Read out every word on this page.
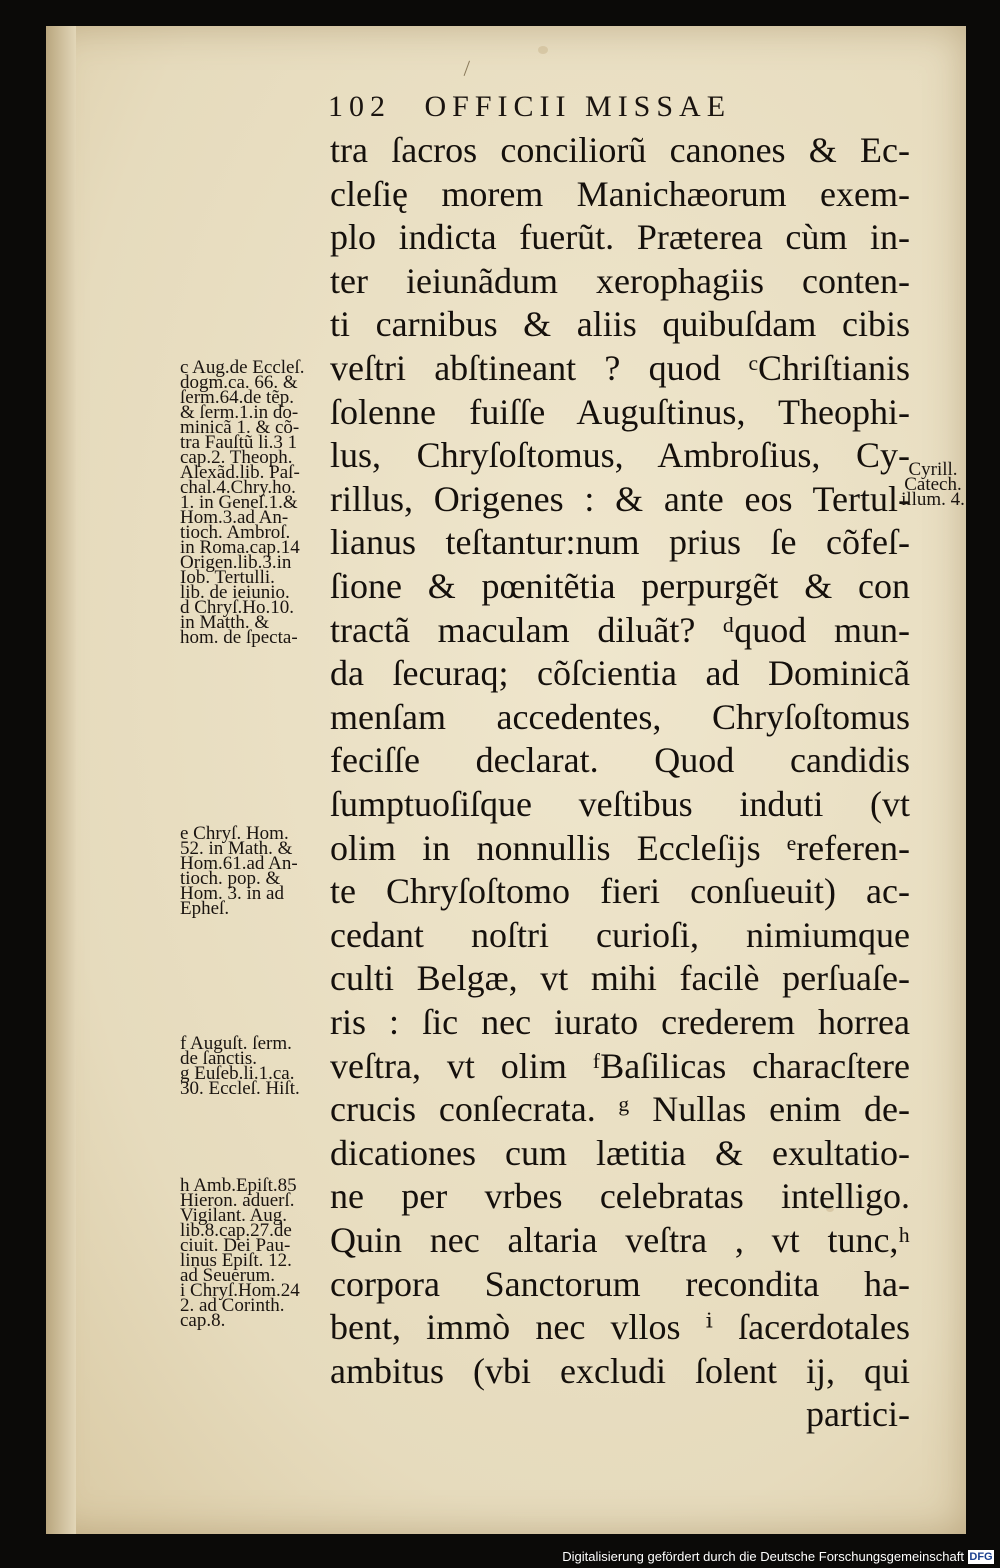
102 OFFICII MISSAE
tra ſacros conciliorũ canones & Ec-
cleſię morem Manichæorum exem-
plo indicta fuerũt. Præterea cùm in-
ter ieiunãdum xerophagiis conten-
ti carnibus & aliis quibuſdam cibis
veſtri abſtineant ? quod ᶜChriſtianis
ſolenne fuiſſe Auguſtinus, Theophi-
lus, Chryſoſtomus, Ambroſius, Cy-
rillus, Origenes : & ante eos Tertul-
lianus teſtantur:num prius ſe cõfeſ-
ſione & pœnitẽtia perpurgẽt & con
tractã maculam diluãt? ᵈquod mun-
da ſecuraq; cõſcientia ad Dominicã
menſam accedentes, Chryſoſtomus
feciſſe declarat. Quod candidis
ſumptuoſiſque veſtibus induti (vt
olim in nonnullis Eccleſijs ᵉreferen-
te Chryſoſtomo fieri conſueuit) ac-
cedant noſtri curioſi, nimiumque
culti Belgæ, vt mihi facilè perſuaſe-
ris : ſic nec iurato crederem horrea
veſtra, vt olim ᶠBaſilicas characſtere
crucis conſecrata. ᵍ Nullas enim de-
dicationes cum lætitia & exultatio-
ne per vrbes celebratas intelligo.
Quin nec altaria veſtra , vt tunc,ʰ
corpora Sanctorum recondita ha-
bent, immò nec vllos ⁱ ſacerdotales
ambitus (vbi excludi ſolent ij, qui
partici-
c Aug.de Eccleſ.
dogm.ca. 66. &
ſerm.64.de tẽp.
& ſerm.1.in do-
minicã 1. & cõ-
tra Fauſtũ li.3 1
cap.2. Theoph.
Alexãd.lib. Paſ-
chal.4.Chry.ho.
1. in Geneſ.1.&
Hom.3.ad An-
tioch. Ambroſ.
in Roma.cap.14
Origen.lib.3.in
Iob. Tertulli.
lib. de ieiunio.
d Chryſ.Ho.10.
in Matth. &
hom. de ſpecta-
e Chryſ. Hom.
52. in Math. &
Hom.61.ad An-
tioch. pop. &
Hom. 3. in ad
Epheſ.
f Auguſt. ſerm.
de ſanctis.
g Euſeb.li.1.ca.
30. Eccleſ. Hiſt.
h Amb.Epiſt.85
Hieron. aduerſ.
Vigilant. Aug.
lib.8.cap.27.de
ciuit. Dei Pau-
linus Epiſt. 12.
ad Seuerum.
i Chryſ.Hom.24
2. ad Corinth.
cap.8.
Cyrill.
Catech.
illum. 4.
Digitalisierung gefördert durch die Deutsche Forschungsgemeinschaft DFG
